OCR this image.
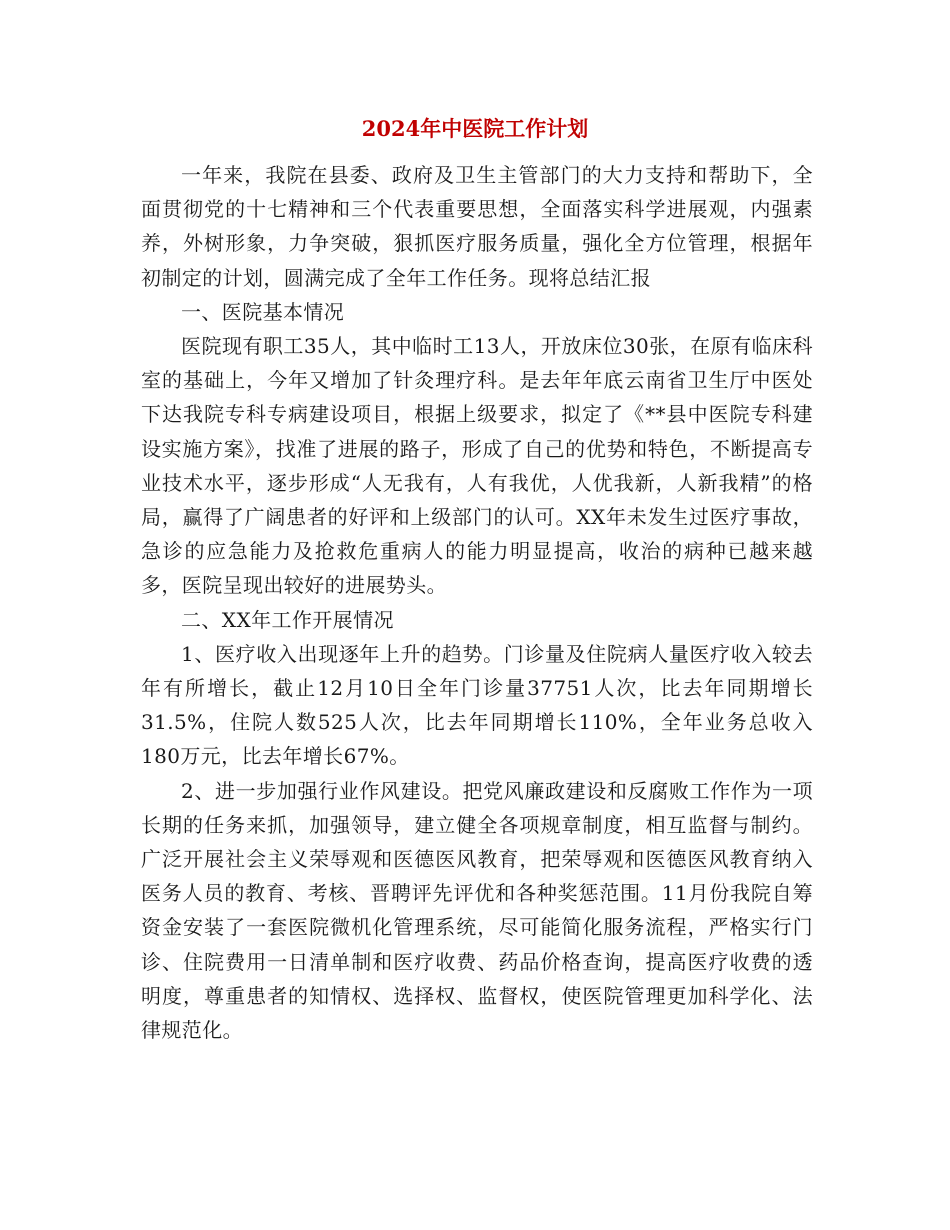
2024年中医院工作计划

一年来，我院在县委、政府及卫生主管部门的大力支持和帮助下，全面贯彻党的十七精神和三个代表重要思想，全面落实科学进展观，内强素养，外树形象，力争突破，狠抓医疗服务质量，强化全方位管理，根据年初制定的计划，圆满完成了全年工作任务。现将总结汇报

一、医院基本情况

医院现有职工35人，其中临时工13人，开放床位30张，在原有临床科室的基础上，今年又增加了针灸理疗科。是去年年底云南省卫生厅中医处下达我院专科专病建设项目，根据上级要求，拟定了《**县中医院专科建设实施方案》，找准了进展的路子，形成了自己的优势和特色，不断提高专业技术水平，逐步形成“人无我有，人有我优，人优我新，人新我精”的格局，赢得了广阔患者的好评和上级部门的认可。XX年未发生过医疗事故，急诊的应急能力及抢救危重病人的能力明显提高，收治的病种已越来越多，医院呈现出较好的进展势头。

二、XX年工作开展情况

1、医疗收入出现逐年上升的趋势。门诊量及住院病人量医疗收入较去年有所增长，截止12月10日全年门诊量37751人次，比去年同期增长31.5%，住院人数525人次，比去年同期增长110%，全年业务总收入180万元，比去年增长67%。

2、进一步加强行业作风建设。把党风廉政建设和反腐败工作作为一项长期的任务来抓，加强领导，建立健全各项规章制度，相互监督与制约。广泛开展社会主义荣辱观和医德医风教育，把荣辱观和医德医风教育纳入医务人员的教育、考核、晋聘评先评优和各种奖惩范围。11月份我院自筹资金安装了一套医院微机化管理系统，尽可能简化服务流程，严格实行门诊、住院费用一日清单制和医疗收费、药品价格查询，提高医疗收费的透明度，尊重患者的知情权、选择权、监督权，使医院管理更加科学化、法律规范化。
